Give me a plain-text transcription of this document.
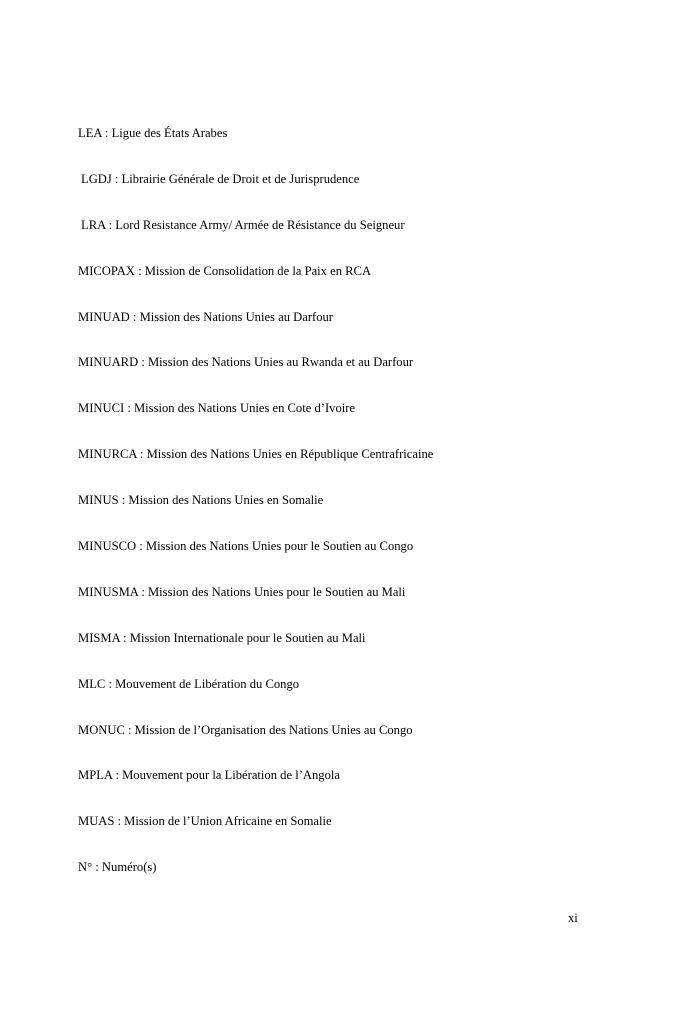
LEA : Ligue des États Arabes
LGDJ : Librairie Générale de Droit et de Jurisprudence
LRA : Lord Resistance Army/ Armée de Résistance du Seigneur
MICOPAX : Mission de Consolidation de la Paix en RCA
MINUAD : Mission des Nations Unies au Darfour
MINUARD : Mission des Nations Unies au Rwanda et au Darfour
MINUCI : Mission des Nations Unies en Cote d’Ivoire
MINURCA : Mission des Nations Unies en République Centrafricaine
MINUS : Mission des Nations Unies en Somalie
MINUSCO : Mission des Nations Unies pour le Soutien au Congo
MINUSMA : Mission des Nations Unies pour le Soutien au Mali
MISMA : Mission Internationale pour le Soutien au Mali
MLC : Mouvement de Libération du Congo
MONUC : Mission de l’Organisation des Nations Unies au Congo
MPLA : Mouvement pour la Libération de l’Angola
MUAS : Mission de l’Union Africaine en Somalie
N° : Numéro(s)
xi
